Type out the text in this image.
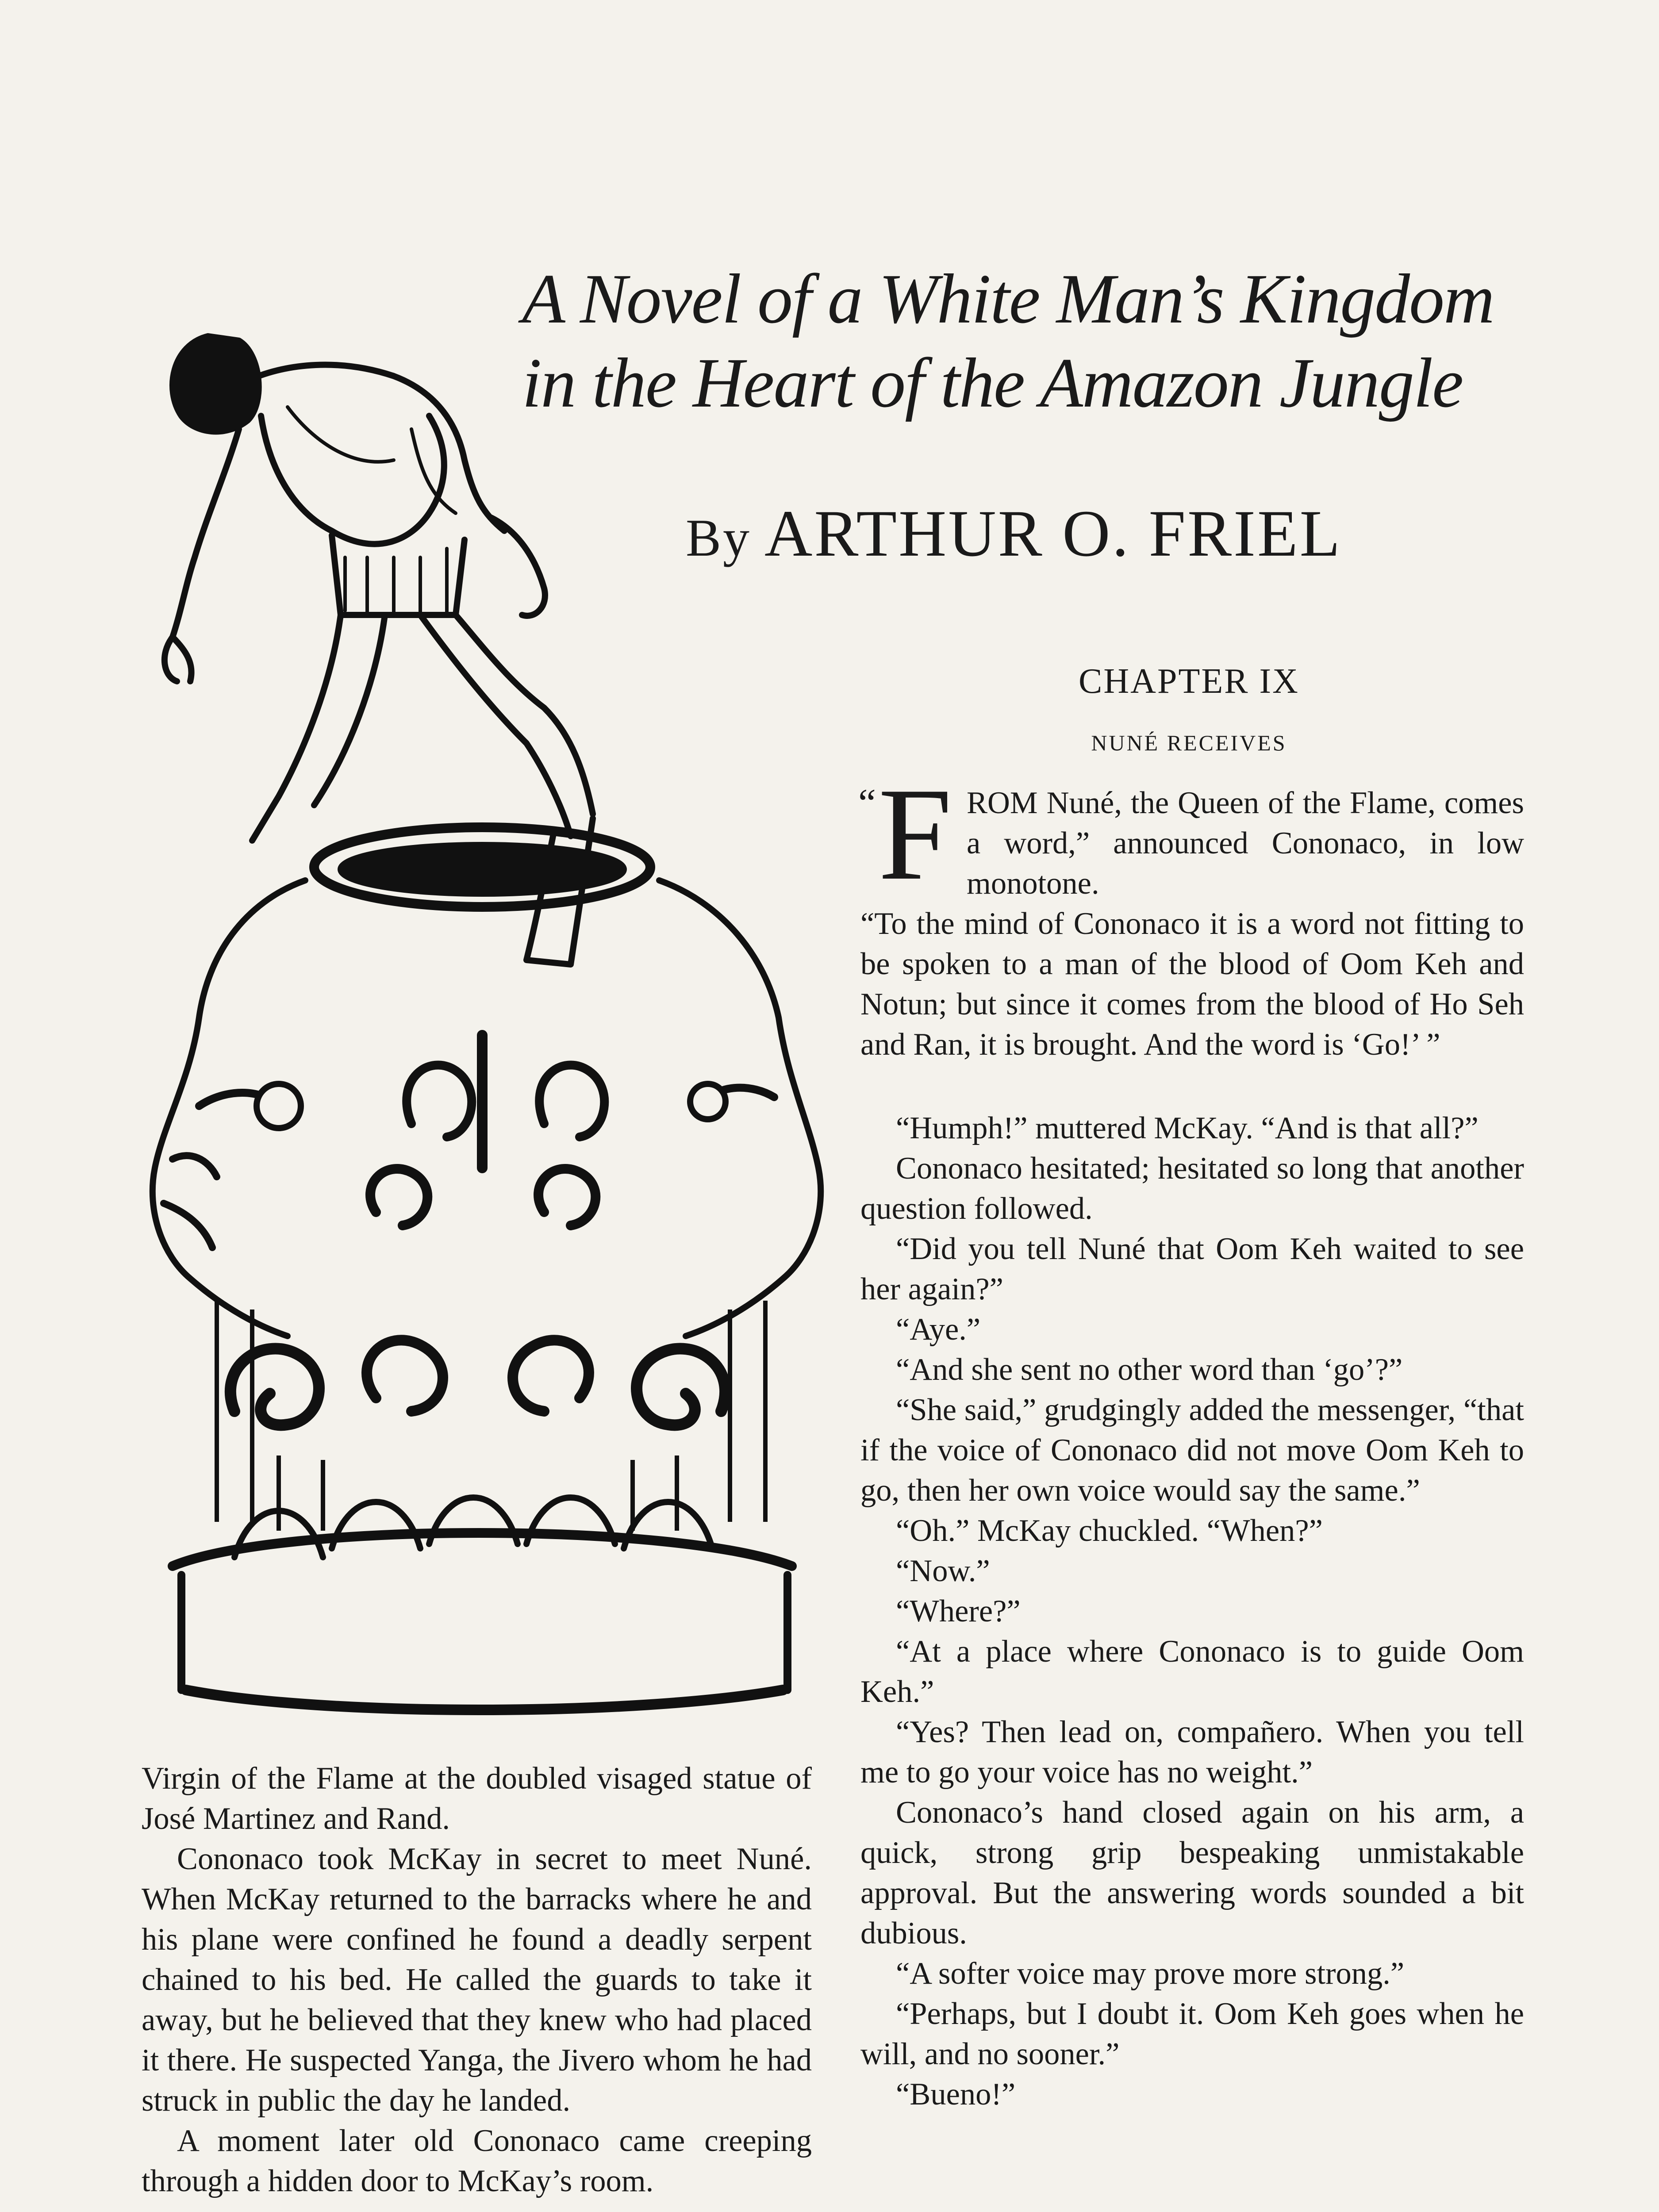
A Novel of a White Man’s Kingdom
in the Heart of the Amazon Jungle
By ARTHUR O. FRIEL
CHAPTER IX
NUNÉ RECEIVES
“ F ROM Nuné, the Queen of the Flame, comes a word,” announced Cononaco, in low monotone.

“To the mind of Cononaco it is a word not fitting to be spoken to a man of the blood of Oom Keh and Notun; but since it comes from the blood of Ho Seh and Ran, it is brought. And the word is ‘Go!’ ”

“Humph!” muttered McKay. “And is that all?”

Cononaco hesitated; hesitated so long that another question followed.

“Did you tell Nuné that Oom Keh waited to see her again?”

“Aye.”

“And she sent no other word than ‘go’?”

“She said,” grudgingly added the messenger, “that if the voice of Cononaco did not move Oom Keh to go, then her own voice would say the same.”

“Oh.” McKay chuckled. “When?”

“Now.”

“Where?”

“At a place where Cononaco is to guide Oom Keh.”

“Yes? Then lead on, compañero. When you tell me to go your voice has no weight.”

Cononaco’s hand closed again on his arm, a quick, strong grip bespeaking unmistakable approval. But the answering words sounded a bit dubious.

“A softer voice may prove more strong.”

“Perhaps, but I doubt it. Oom Keh goes when he will, and no sooner.”

“Bueno!”

Virgin of the Flame at the doubled visaged statue of José Martinez and Rand.

Cononaco took McKay in secret to meet Nuné. When McKay returned to the barracks where he and his plane were confined he found a deadly serpent chained to his bed. He called the guards to take it away, but he believed that they knew who had placed it there. He suspected Yanga, the Jivero whom he had struck in public the day he landed.

A moment later old Cononaco came creeping through a hidden door to McKay’s room.
